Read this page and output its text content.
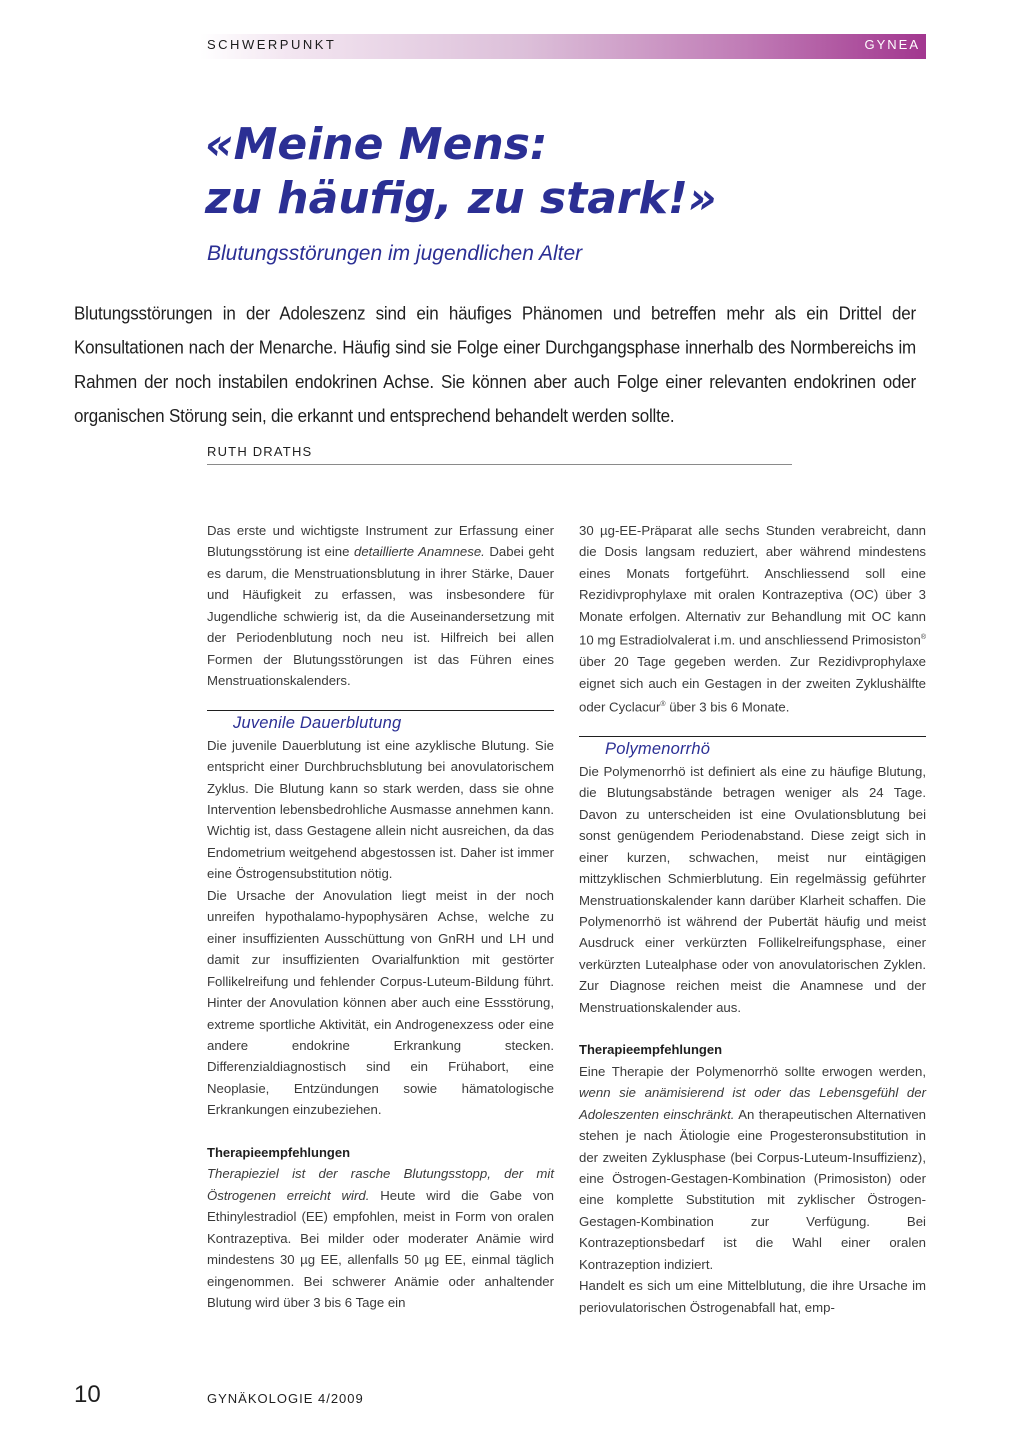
SCHWERPUNKT	GYNEA
«Meine Mens:
zu häufig, zu stark!»
Blutungsstörungen im jugendlichen Alter

Blutungsstörungen in der Adoleszenz sind ein häufiges Phänomen und betreffen mehr als ein Drittel der Konsultationen nach der Menarche. Häufig sind sie Folge einer Durchgangsphase innerhalb des Normbereichs im Rahmen der noch instabilen endokrinen Achse. Sie können aber auch Folge einer relevanten endokrinen oder organischen Störung sein, die erkannt und entsprechend behandelt werden sollte.

RUTH DRATHS

Das erste und wichtigste Instrument zur Erfassung einer Blutungsstörung ist eine detaillierte Anamnese. Dabei geht es darum, die Menstruationsblutung in ihrer Stärke, Dauer und Häufigkeit zu erfassen, was insbesondere für Jugendliche schwierig ist, da die Auseinandersetzung mit der Periodenblutung noch neu ist. Hilfreich bei allen Formen der Blutungsstörungen ist das Führen eines Menstruationskalenders.

Juvenile Dauerblutung

Die juvenile Dauerblutung ist eine azyklische Blutung. Sie entspricht einer Durchbruchsblutung bei anovulatorischem Zyklus. Die Blutung kann so stark werden, dass sie ohne Intervention lebensbedrohliche Ausmasse annehmen kann. Wichtig ist, dass Gestagene allein nicht ausreichen, da das Endometrium weitgehend abgestossen ist. Daher ist immer eine Östrogensubstitution nötig.

Die Ursache der Anovulation liegt meist in der noch unreifen hypothalamo-hypophysären Achse, welche zu einer insuffizienten Ausschüttung von GnRH und LH und damit zur insuffizienten Ovarialfunktion mit gestörter Follikelreifung und fehlender Corpus-Luteum-Bildung führt. Hinter der Anovulation können aber auch eine Essstörung, extreme sportliche Aktivität, ein Androgenexzess oder eine andere endokrine Erkrankung stecken. Differenzialdiagnostisch sind ein Frühabort, eine Neoplasie, Entzündungen sowie hämatologische Erkrankungen einzubeziehen.

Therapieempfehlungen

Therapieziel ist der rasche Blutungsstopp, der mit Östrogenen erreicht wird. Heute wird die Gabe von Ethinylestradiol (EE) empfohlen, meist in Form von oralen Kontrazeptiva. Bei milder oder moderater Anämie wird mindestens 30 µg EE, allenfalls 50 µg EE, einmal täglich eingenommen. Bei schwerer Anämie oder anhaltender Blutung wird über 3 bis 6 Tage ein

30 µg-EE-Präparat alle sechs Stunden verabreicht, dann die Dosis langsam reduziert, aber während mindestens eines Monats fortgeführt. Anschliessend soll eine Rezidivprophylaxe mit oralen Kontrazeptiva (OC) über 3 Monate erfolgen. Alternativ zur Behandlung mit OC kann 10 mg Estradiolvalerat i.m. und anschliessend Primosiston® über 20 Tage gegeben werden. Zur Rezidivprophylaxe eignet sich auch ein Gestagen in der zweiten Zyklushälfte oder Cyclacur® über 3 bis 6 Monate.

Polymenorrhö

Die Polymenorrhö ist definiert als eine zu häufige Blutung, die Blutungsabstände betragen weniger als 24 Tage. Davon zu unterscheiden ist eine Ovulationsblutung bei sonst genügendem Periodenabstand. Diese zeigt sich in einer kurzen, schwachen, meist nur eintägigen mittzyklischen Schmierblutung. Ein regelmässig geführter Menstruationskalender kann darüber Klarheit schaffen. Die Polymenorrhö ist während der Pubertät häufig und meist Ausdruck einer verkürzten Follikelreifungsphase, einer verkürzten Lutealphase oder von anovulatorischen Zyklen. Zur Diagnose reichen meist die Anamnese und der Menstruationskalender aus.

Therapieempfehlungen

Eine Therapie der Polymenorrhö sollte erwogen werden, wenn sie anämisierend ist oder das Lebensgefühl der Adoleszenten einschränkt. An therapeutischen Alternativen stehen je nach Ätiologie eine Progesteronsubstitution in der zweiten Zyklusphase (bei Corpus-Luteum-Insuffizienz), eine Östrogen-Gestagen-Kombination (Primosiston) oder eine komplette Substitution mit zyklischer Östrogen-Gestagen-Kombination zur Verfügung. Bei Kontrazeptionsbedarf ist die Wahl einer oralen Kontrazeption indiziert.

Handelt es sich um eine Mittelblutung, die ihre Ursache im periovulatorischen Östrogenabfall hat, emp-

10	GYNÄKOLOGIE 4/2009
